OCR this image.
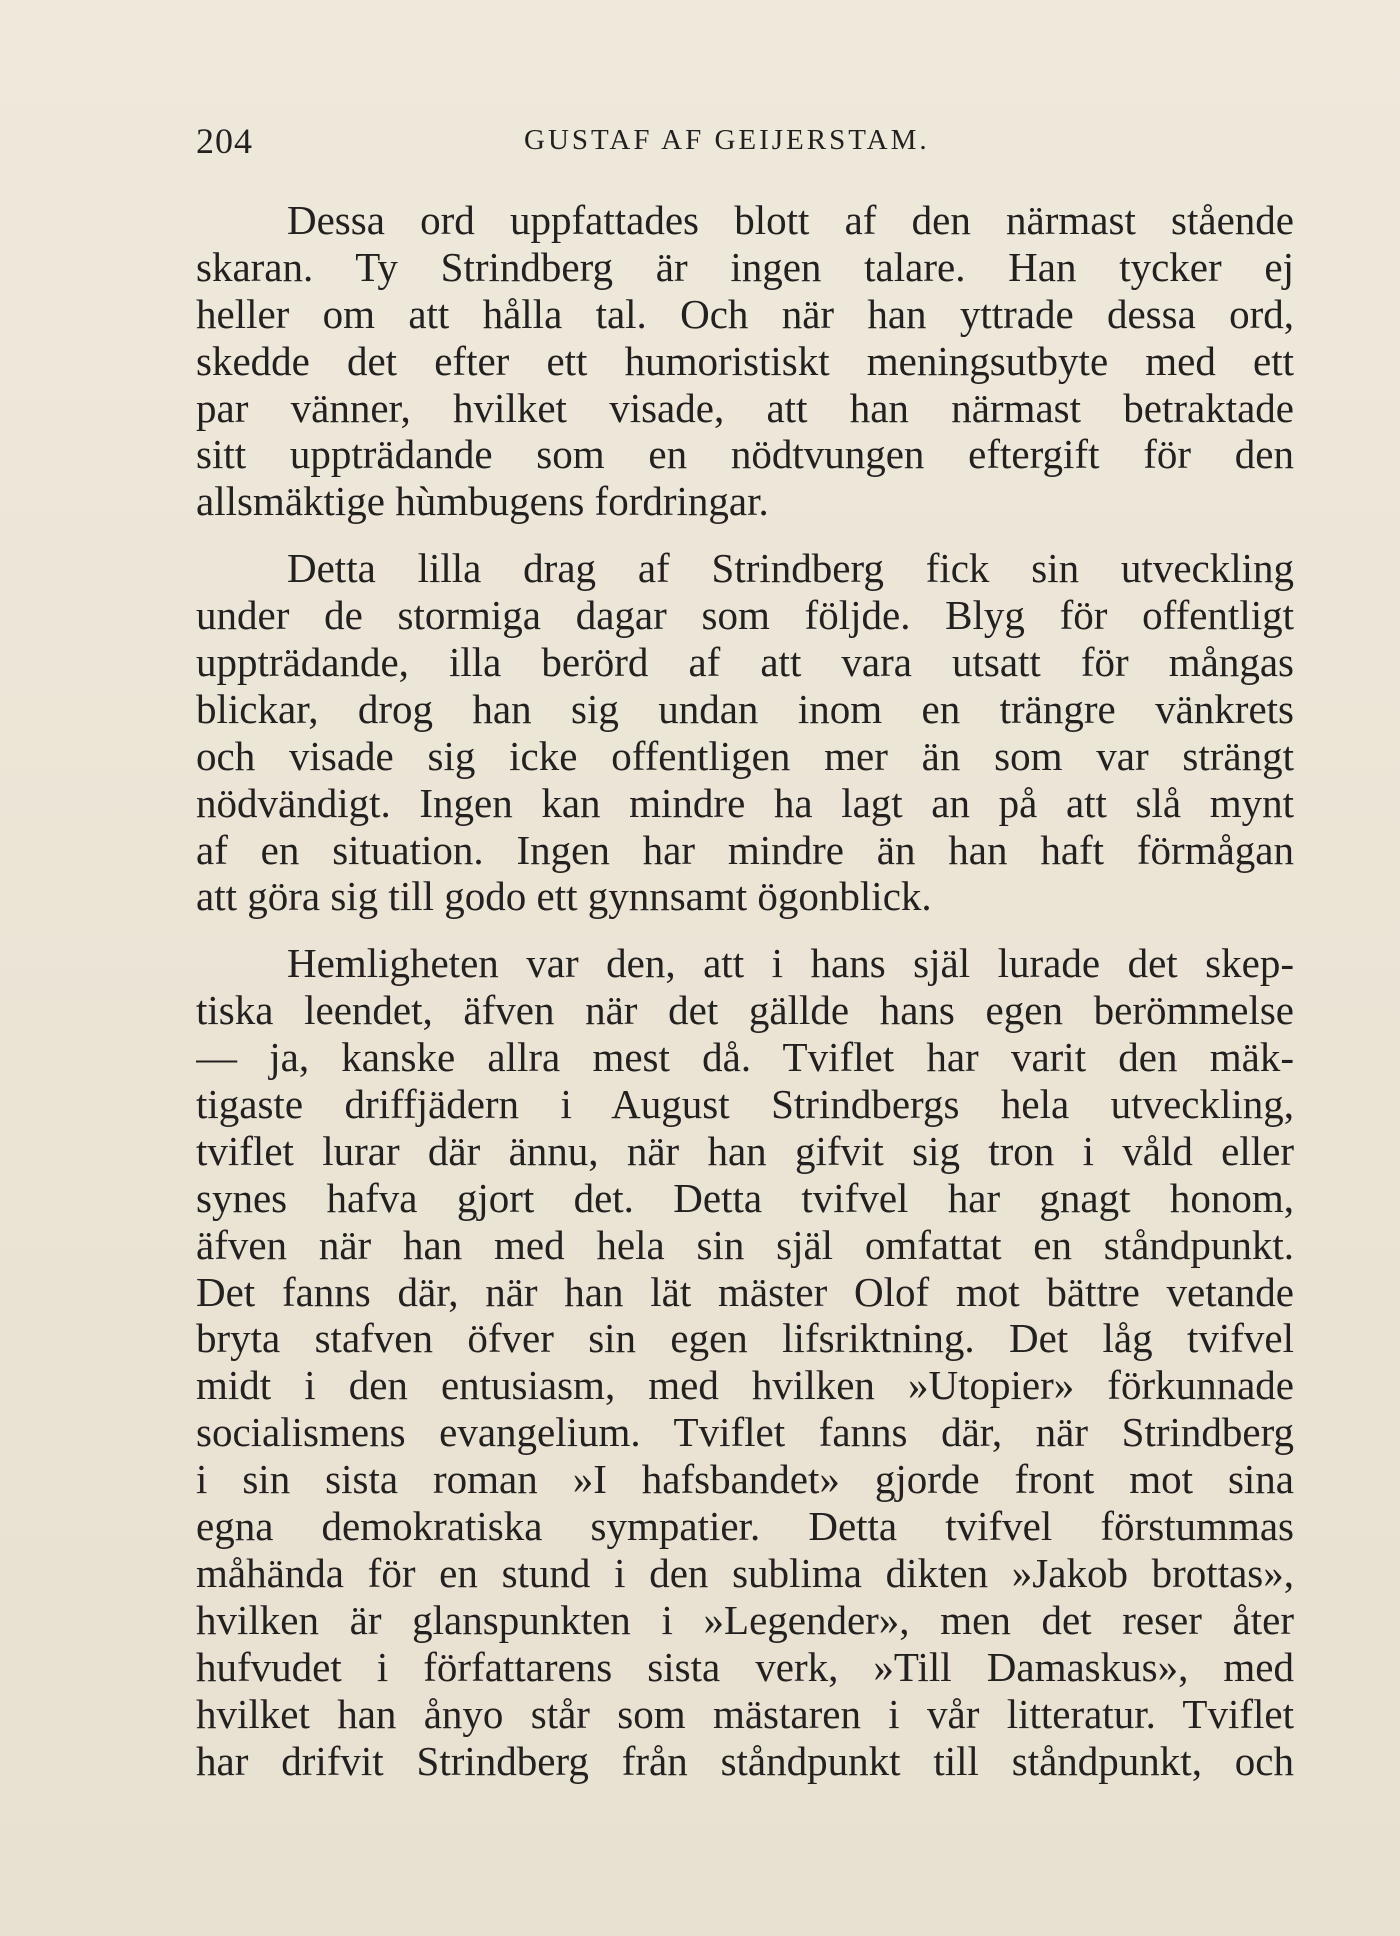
204	GUSTAF AF GEIJERSTAM.
Dessa ord uppfattades blott af den närmast stående
skaran. Ty Strindberg är ingen talare. Han tycker ej
heller om att hålla tal. Och när han yttrade dessa ord,
skedde det efter ett humoristiskt meningsutbyte med ett
par vänner, hvilket visade, att han närmast betraktade
sitt uppträdande som en nödtvungen eftergift för den
allsmäktige hùmbugens fordringar.
Detta lilla drag af Strindberg fick sin utveckling
under de stormiga dagar som följde. Blyg för offentligt
uppträdande, illa berörd af att vara utsatt för mångas
blickar, drog han sig undan inom en trängre vänkrets
och visade sig icke offentligen mer än som var strängt
nödvändigt. Ingen kan mindre ha lagt an på att slå mynt
af en situation. Ingen har mindre än han haft förmågan
att göra sig till godo ett gynnsamt ögonblick.
Hemligheten var den, att i hans själ lurade det skep-
tiska leendet, äfven när det gällde hans egen berömmelse
— ja, kanske allra mest då. Tviflet har varit den mäk-
tigaste driffjädern i August Strindbergs hela utveckling,
tviflet lurar där ännu, när han gifvit sig tron i våld eller
synes hafva gjort det. Detta tvifvel har gnagt honom,
äfven när han med hela sin själ omfattat en ståndpunkt.
Det fanns där, när han lät mäster Olof mot bättre vetande
bryta stafven öfver sin egen lifsriktning. Det låg tvifvel
midt i den entusiasm, med hvilken »Utopier» förkunnade
socialismens evangelium. Tviflet fanns där, när Strindberg
i sin sista roman »I hafsbandet» gjorde front mot sina
egna demokratiska sympatier. Detta tvifvel förstummas
måhända för en stund i den sublima dikten »Jakob brottas»,
hvilken är glanspunkten i »Legender», men det reser åter
hufvudet i författarens sista verk, »Till Damaskus», med
hvilket han ånyo står som mästaren i vår litteratur. Tviflet
har drifvit Strindberg från ståndpunkt till ståndpunkt, och
